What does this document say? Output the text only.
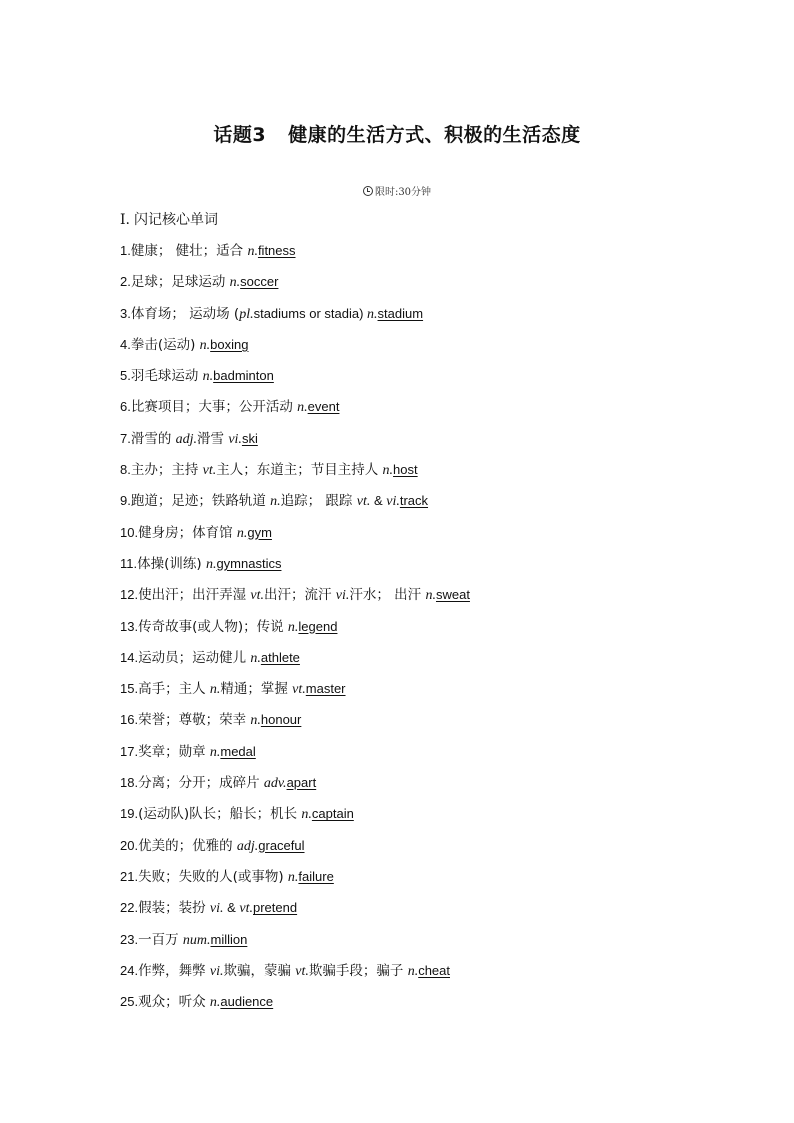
话题3 健康的生活方式、积极的生活态度
限时:30分钟
Ⅰ. 闪记核心单词
1.健康； 健壮；适合 n.fitness
2.足球；足球运动 n.soccer
3.体育场； 运动场 (pl.stadiums or stadia) n.stadium
4.拳击(运动) n.boxing
5.羽毛球运动 n.badminton
6.比赛项目；大事；公开活动 n.event
7.滑雪的 adj.滑雪 vi.ski
8.主办；主持 vt.主人；东道主；节目主持人 n.host
9.跑道；足迹；铁路轨道 n.追踪； 跟踪 vt. & vi.track
10.健身房；体育馆 n.gym
11.体操(训练) n.gymnastics
12.使出汗；出汗弄湿 vt.出汗；流汗 vi.汗水； 出汗 n.sweat
13.传奇故事(或人物)；传说 n.legend
14.运动员；运动健儿 n.athlete
15.高手；主人 n.精通；掌握 vt.master
16.荣誉；尊敬；荣幸 n.honour
17.奖章；勋章 n.medal
18.分离；分开；成碎片 adv.apart
19.(运动队)队长；船长；机长 n.captain
20.优美的；优雅的 adj.graceful
21.失败；失败的人(或事物) n.failure
22.假装；装扮 vi. & vt.pretend
23.一百万 num.million
24.作弊，舞弊 vi.欺骗，蒙骗 vt.欺骗手段；骗子 n.cheat
25.观众；听众 n.audience
